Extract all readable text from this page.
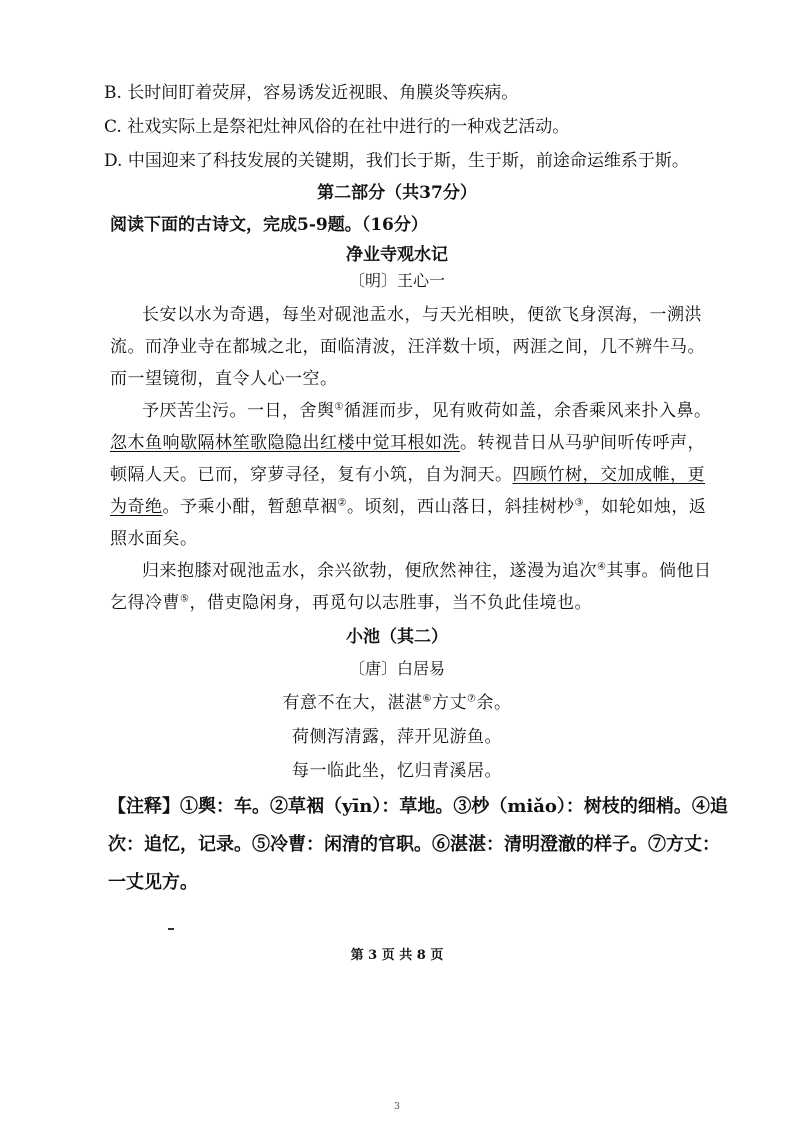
B. 长时间盯着荧屏，容易诱发近视眼、角膜炎等疾病。
C. 社戏实际上是祭祀灶神风俗的在社中进行的一种戏艺活动。
D. 中国迎来了科技发展的关键期，我们长于斯，生于斯，前途命运维系于斯。
第二部分（共37分）
阅读下面的古诗文，完成5-9题。（16分）
净业寺观水记
〔明〕王心一
长安以水为奇遇，每坐对砚池盂水，与天光相映，便欲飞身溟海，一溯洪
流。而净业寺在都城之北，面临清波，汪洋数十顷，两涯之间，几不辨牛马。
而一望镜彻，直令人心一空。
予厌苦尘污。一日，舍舆①循涯而步，见有败荷如盖，余香乘风来扑入鼻。
忽木鱼响歇隔林笙歌隐隐出红楼中觉耳根如洗。转视昔日从马驴间听传呼声，
顿隔人天。已而，穿萝寻径，复有小筑，自为洞天。四顾竹树，交加成帷，更
为奇绝。予乘小酣，暂憩草裀②。顷刻，西山落日，斜挂树杪③，如轮如烛，返
照水面矣。
归来抱膝对砚池盂水，余兴欲勃，便欣然神往，遂漫为追次④其事。倘他日
乞得冷曹⑤，借吏隐闲身，再觅句以志胜事，当不负此佳境也。
小池（其二）
〔唐〕白居易
有意不在大，湛湛⑥方丈⑦余。
荷侧泻清露，萍开见游鱼。
每一临此坐，忆归青溪居。
【注释】①舆：车。②草裀（yīn）：草地。③杪（miǎo）：树枝的细梢。④追
次：追忆，记录。⑤冷曹：闲清的官职。⑥湛湛：清明澄澈的样子。⑦方丈：
一丈见方。
第 3 页 共 8 页
3
